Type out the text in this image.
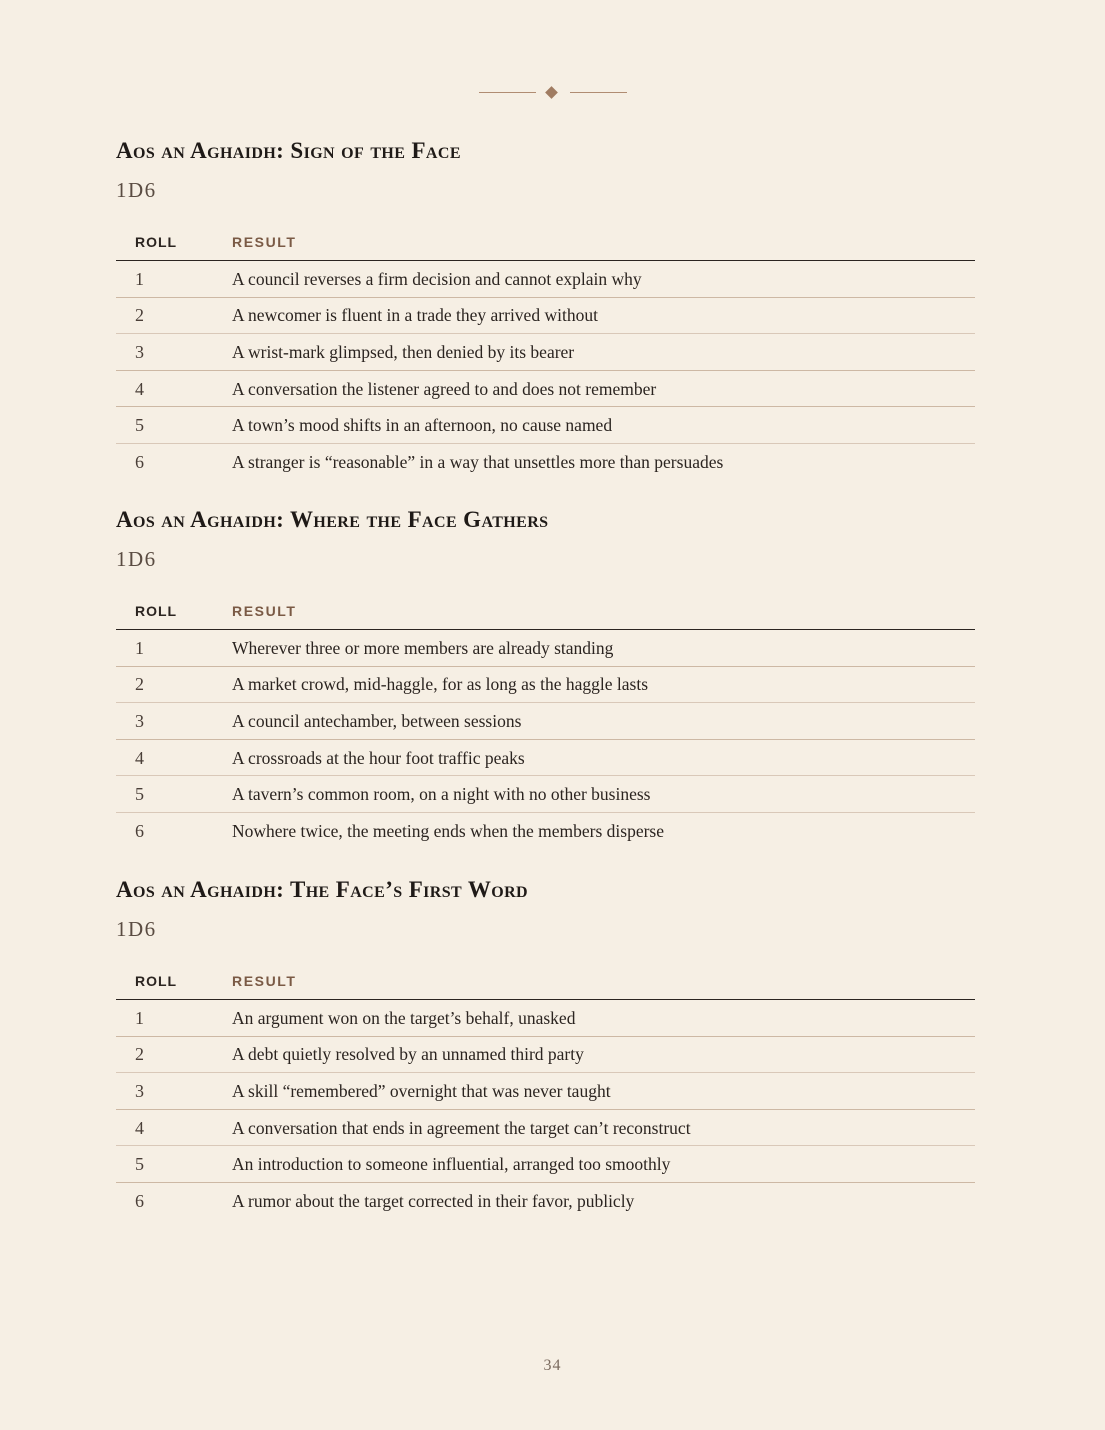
Aos an Aghaidh: Sign of the Face
1D6
ROLL	RESULT
1	A council reverses a firm decision and cannot explain why
2	A newcomer is fluent in a trade they arrived without
3	A wrist-mark glimpsed, then denied by its bearer
4	A conversation the listener agreed to and does not remember
5	A town’s mood shifts in an afternoon, no cause named
6	A stranger is “reasonable” in a way that unsettles more than persuades
Aos an Aghaidh: Where the Face Gathers
1D6
ROLL	RESULT
1	Wherever three or more members are already standing
2	A market crowd, mid-haggle, for as long as the haggle lasts
3	A council antechamber, between sessions
4	A crossroads at the hour foot traffic peaks
5	A tavern’s common room, on a night with no other business
6	Nowhere twice, the meeting ends when the members disperse
Aos an Aghaidh: The Face’s First Word
1D6
ROLL	RESULT
1	An argument won on the target’s behalf, unasked
2	A debt quietly resolved by an unnamed third party
3	A skill “remembered” overnight that was never taught
4	A conversation that ends in agreement the target can’t reconstruct
5	An introduction to someone influential, arranged too smoothly
6	A rumor about the target corrected in their favor, publicly
34
